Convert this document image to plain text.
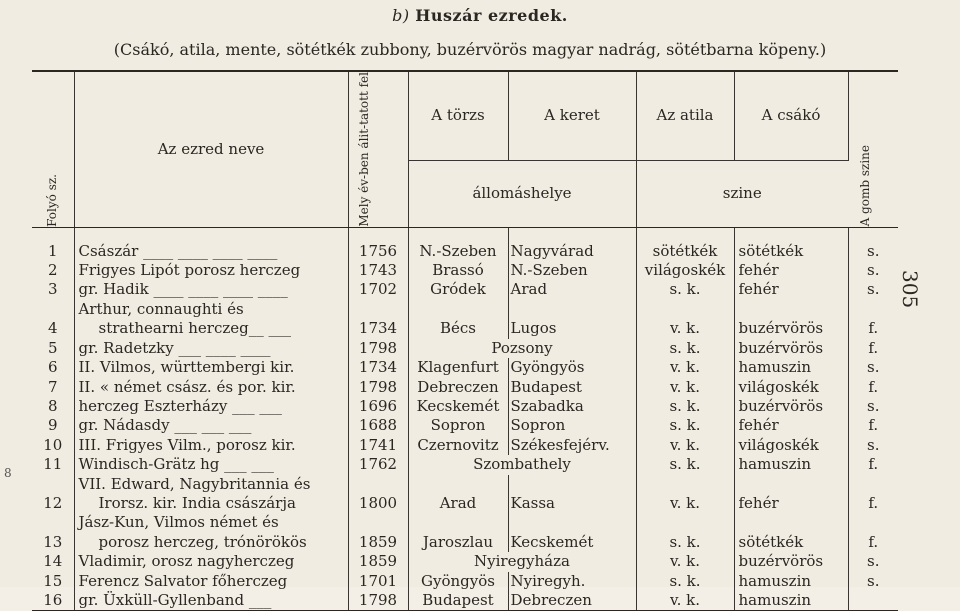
b) Huszár ezredek.
(Csákó, atila, mente, sötétkék zubbony, buzérvörös magyar nadrág, sötétbarna köpeny.)
305
8
Folyó sz.	Az ezred neve	Mely év-ben álit-tatott fel	A törzs	A keret	Az atila	A csákó	A gomb szine

			állomáshelye		szine		
1	Császár ____ ____ ____ ____	1756	N.-Szeben	Nagyvárad	sötétkék	sötétkék	s.
2	Frigyes Lipót porosz herczeg	1743	Brassó	N.-Szeben	világoskék	fehér	s.
3	gr. Hadik ____ ____ ____ ____	1702	Gródek	Arad	s. k.	fehér	s.
4	Arthur, connaughti és
strathearni herczeg__ ___	1734	Bécs	Lugos	v. k.	buzérvörös	f.
5	gr. Radetzky ___ ____ ____	1798	Pozsony		s. k.	buzérvörös	f.
6	II. Vilmos, württembergi kir.	1734	Klagenfurt	Gyöngyös	v. k.	hamuszin	s.
7	II. « német csász. és por. kir.	1798	Debreczen	Budapest	v. k.	világoskék	f.
8	herczeg Eszterházy ___ ___	1696	Kecskemét	Szabadka	s. k.	buzérvörös	s.
9	gr. Nádasdy ___ ___ ___	1688	Sopron	Sopron	s. k.	fehér	f.
10	III. Frigyes Vilm., porosz kir.	1741	Czernovitz	Székesfejérv.	v. k.	világoskék	s.
11	Windisch-Grätz hg ___ ___	1762	Szombathely		s. k.	hamuszin	f.
12	VII. Edward, Nagybritannia és
Irorsz. kir. India császárja	1800	Arad	Kassa	v. k.	fehér	f.
13	Jász-Kun, Vilmos német és
porosz herczeg, trónörökös	1859	Jaroszlau	Kecskemét	s. k.	sötétkék	f.
14	Vladimir, orosz nagyherczeg	1859	Nyiregyháza		v. k.	buzérvörös	s.
15	Ferencz Salvator főherczeg	1701	Gyöngyös	Nyiregyh.	s. k.	hamuszin	s.
16	gr. Üxküll-Gyllenband ___	1798	Budapest	Debreczen	v. k.	hamuszin	
